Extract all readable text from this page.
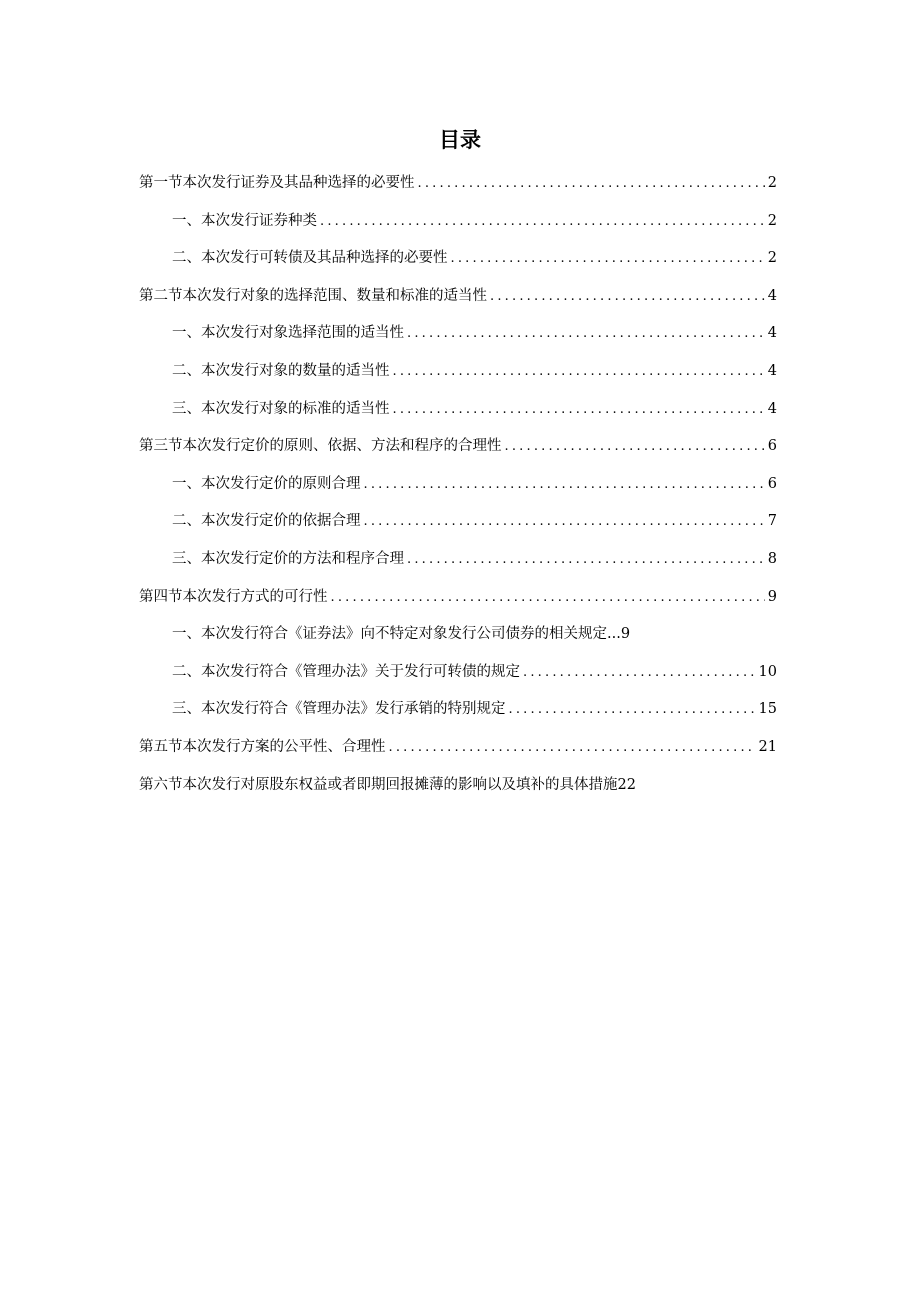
目录
第一节本次发行证券及其品种选择的必要性 .....	2
一、本次发行证券种类 .....	2
二、本次发行可转债及其品种选择的必要性 .....	2
第二节本次发行对象的选择范围、数量和标准的适当性 .....	4
一、本次发行对象选择范围的适当性 .....	4
二、本次发行对象的数量的适当性 .....	4
三、本次发行对象的标准的适当性 .....	4
第三节本次发行定价的原则、依据、方法和程序的合理性 .....	6
一、本次发行定价的原则合理 .....	6
二、本次发行定价的依据合理 .....	7
三、本次发行定价的方法和程序合理 .....	8
第四节本次发行方式的可行性 .....	9
一、本次发行符合《证券法》向不特定对象发行公司债券的相关规定...9
二、本次发行符合《管理办法》关于发行可转债的规定 .....	10
三、本次发行符合《管理办法》发行承销的特别规定 .....	15
第五节本次发行方案的公平性、合理性 .....	21
第六节本次发行对原股东权益或者即期回报摊薄的影响以及填补的具体措施22
